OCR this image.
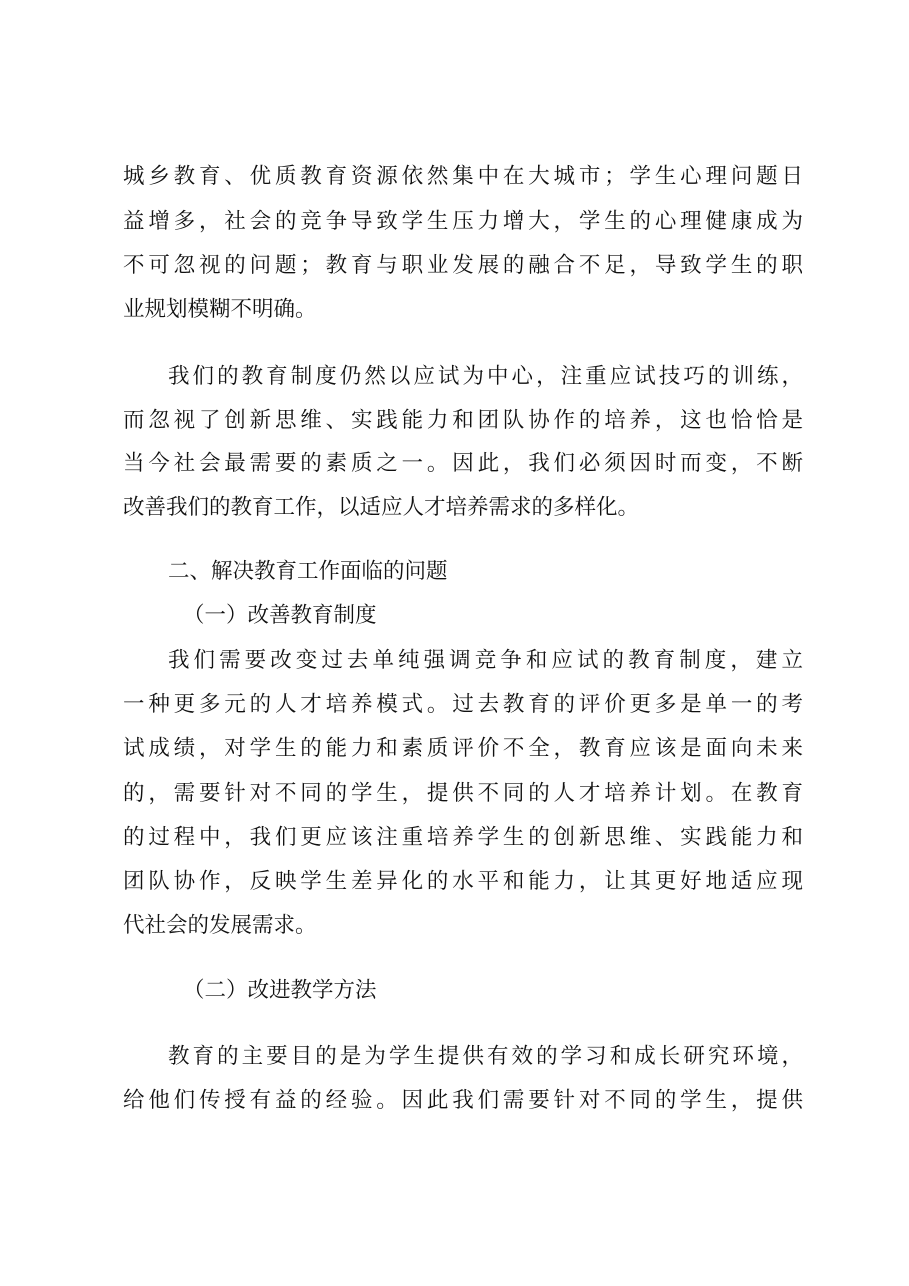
城乡教育、优质教育资源依然集中在大城市；学生心理问题日

益增多，社会的竞争导致学生压力增大，学生的心理健康成为

不可忽视的问题；教育与职业发展的融合不足，导致学生的职

业规划模糊不明确。

我们的教育制度仍然以应试为中心，注重应试技巧的训练，

而忽视了创新思维、实践能力和团队协作的培养，这也恰恰是

当今社会最需要的素质之一。因此，我们必须因时而变，不断

改善我们的教育工作，以适应人才培养需求的多样化。

二、解决教育工作面临的问题

（一）改善教育制度

我们需要改变过去单纯强调竞争和应试的教育制度，建立

一种更多元的人才培养模式。过去教育的评价更多是单一的考

试成绩，对学生的能力和素质评价不全，教育应该是面向未来

的，需要针对不同的学生，提供不同的人才培养计划。在教育

的过程中，我们更应该注重培养学生的创新思维、实践能力和

团队协作，反映学生差异化的水平和能力，让其更好地适应现

代社会的发展需求。

（二）改进教学方法

教育的主要目的是为学生提供有效的学习和成长研究环境，

给他们传授有益的经验。因此我们需要针对不同的学生，提供
